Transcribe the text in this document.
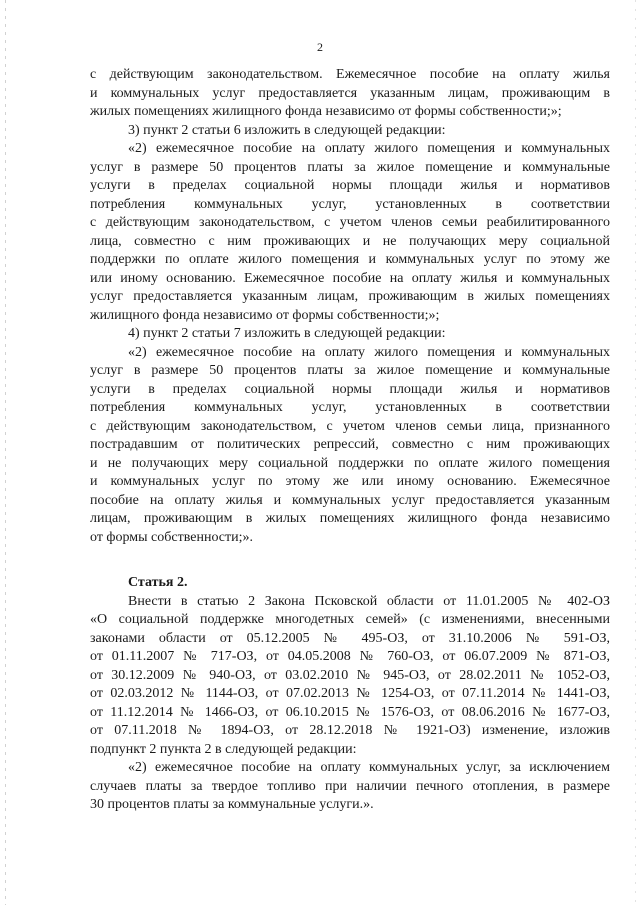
2

с действующим законодательством. Ежемесячное пособие на оплату жилья

и коммунальных услуг предоставляется указанным лицам, проживающим в

жилых помещениях жилищного фонда независимо от формы собственности;»;

3) пункт 2 статьи 6 изложить в следующей редакции:

«2) ежемесячное пособие на оплату жилого помещения и коммунальных

услуг в размере 50 процентов платы за жилое помещение и коммунальные

услуги в пределах социальной нормы площади жилья и нормативов

потребления коммунальных услуг, установленных в соответствии

с действующим законодательством, с учетом членов семьи реабилитированного

лица, совместно с ним проживающих и не получающих меру социальной

поддержки по оплате жилого помещения и коммунальных услуг по этому же

или иному основанию. Ежемесячное пособие на оплату жилья и коммунальных

услуг предоставляется указанным лицам, проживающим в жилых помещениях

жилищного фонда независимо от формы собственности;»;

4) пункт 2 статьи 7 изложить в следующей редакции:

«2) ежемесячное пособие на оплату жилого помещения и коммунальных

услуг в размере 50 процентов платы за жилое помещение и коммунальные

услуги в пределах социальной нормы площади жилья и нормативов

потребления коммунальных услуг, установленных в соответствии

с действующим законодательством, с учетом членов семьи лица, признанного

пострадавшим от политических репрессий, совместно с ним проживающих

и не получающих меру социальной поддержки по оплате жилого помещения

и коммунальных услуг по этому же или иному основанию. Ежемесячное

пособие на оплату жилья и коммунальных услуг предоставляется указанным

лицам, проживающим в жилых помещениях жилищного фонда независимо

от формы собственности;».

Статья 2.

Внести в статью 2 Закона Псковской области от 11.01.2005 № 402-ОЗ

«О социальной поддержке многодетных семей» (с изменениями, внесенными

законами области от 05.12.2005 № 495-ОЗ, от 31.10.2006 № 591-ОЗ,

от 01.11.2007 № 717-ОЗ, от 04.05.2008 № 760-ОЗ, от 06.07.2009 № 871-ОЗ,

от 30.12.2009 № 940-ОЗ, от 03.02.2010 № 945-ОЗ, от 28.02.2011 № 1052-ОЗ,

от 02.03.2012 № 1144-ОЗ, от 07.02.2013 № 1254-ОЗ, от 07.11.2014 № 1441-ОЗ,

от 11.12.2014 № 1466-ОЗ, от 06.10.2015 № 1576-ОЗ, от 08.06.2016 № 1677-ОЗ,

от 07.11.2018 № 1894-ОЗ, от 28.12.2018 № 1921-ОЗ) изменение, изложив

подпункт 2 пункта 2 в следующей редакции:

«2) ежемесячное пособие на оплату коммунальных услуг, за исключением

случаев платы за твердое топливо при наличии печного отопления, в размере

30 процентов платы за коммунальные услуги.».
